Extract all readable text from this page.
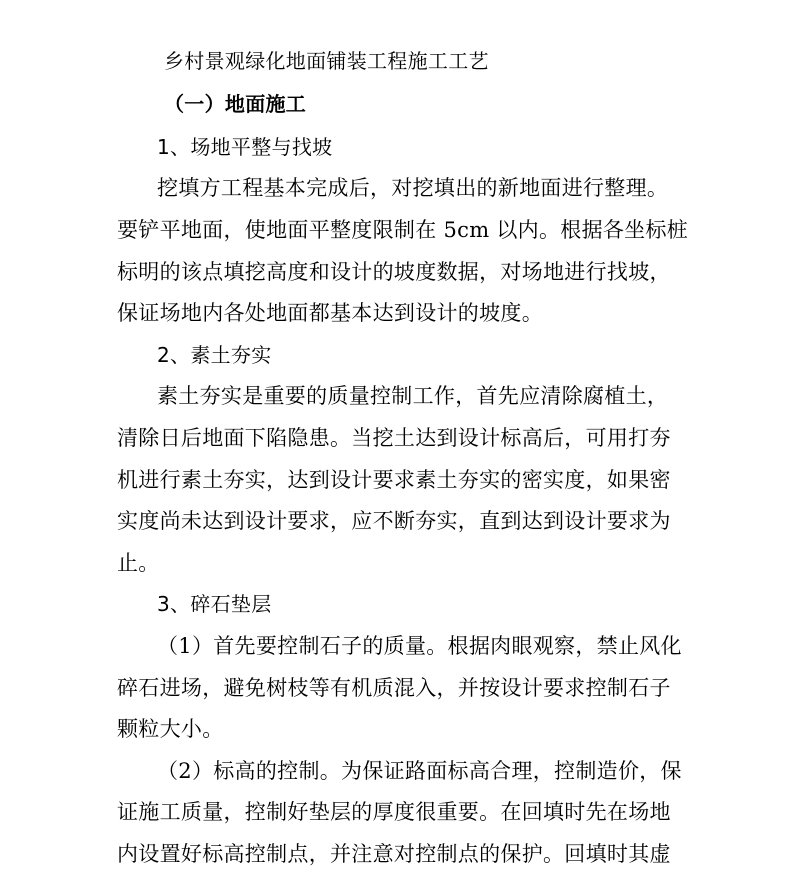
乡村景观绿化地面铺装工程施工工艺
（一）地面施工
1、场地平整与找坡
挖填方工程基本完成后，对挖填出的新地面进行整理。
要铲平地面，使地面平整度限制在 5cm 以内。根据各坐标桩
标明的该点填挖高度和设计的坡度数据，对场地进行找坡，
保证场地内各处地面都基本达到设计的坡度。
2、素土夯实
素土夯实是重要的质量控制工作，首先应清除腐植土，
清除日后地面下陷隐患。当挖土达到设计标高后，可用打夯
机进行素土夯实，达到设计要求素土夯实的密实度，如果密
实度尚未达到设计要求，应不断夯实，直到达到设计要求为
止。
3、碎石垫层
（1）首先要控制石子的质量。根据肉眼观察，禁止风化
碎石进场，避免树枝等有机质混入，并按设计要求控制石子
颗粒大小。
（2）标高的控制。为保证路面标高合理，控制造价，保
证施工质量，控制好垫层的厚度很重要。在回填时先在场地
内设置好标高控制点，并注意对控制点的保护。回填时其虚
